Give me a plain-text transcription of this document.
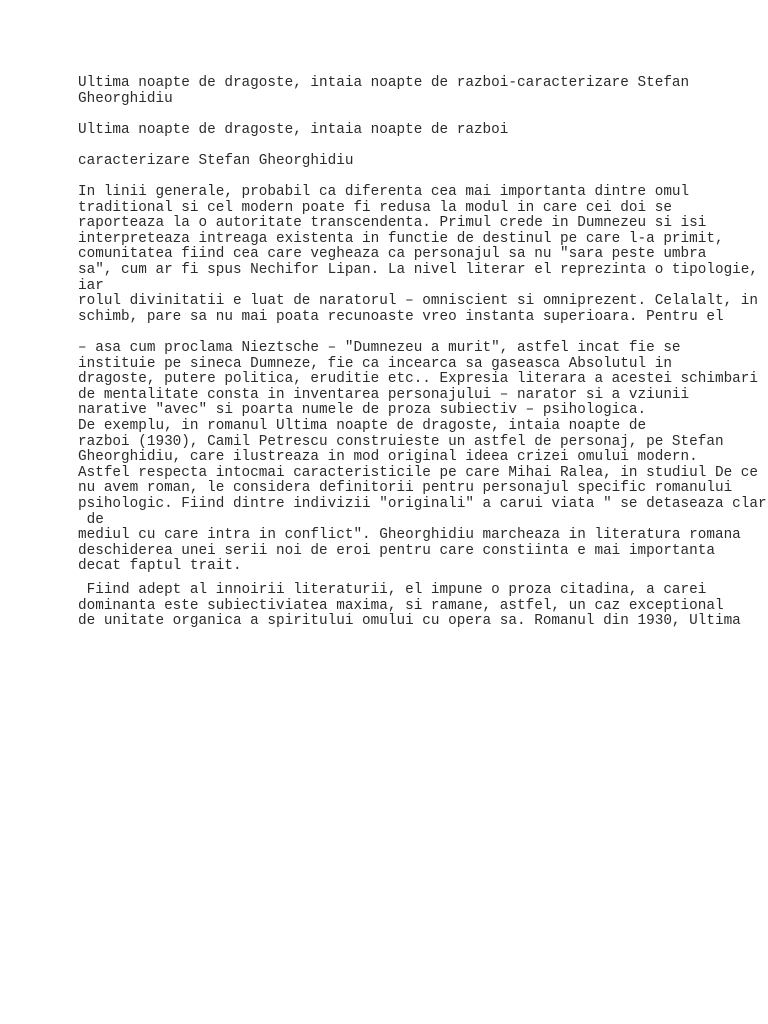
Ultima noapte de dragoste, intaia noapte de razboi-caracterizare Stefan
Gheorghidiu

Ultima noapte de dragoste, intaia noapte de razboi

caracterizare Stefan Gheorghidiu

In linii generale, probabil ca diferenta cea mai importanta dintre omul
traditional si cel modern poate fi redusa la modul in care cei doi se
raporteaza la o autoritate transcendenta. Primul crede in Dumnezeu si isi
interpreteaza intreaga existenta in functie de destinul pe care l-a primit,
comunitatea fiind cea care vegheaza ca personajul sa nu "sara peste umbra
sa", cum ar fi spus Nechifor Lipan. La nivel literar el reprezinta o tipologie,
iar
rolul divinitatii e luat de naratorul – omniscient si omniprezent. Celalalt, in
schimb, pare sa nu mai poata recunoaste vreo instanta superioara. Pentru el

– asa cum proclama Nieztsche – "Dumnezeu a murit", astfel incat fie se
instituie pe sineca Dumneze, fie ca incearca sa gaseasca Absolutul in
dragoste, putere politica, eruditie etc.. Expresia literara a acestei schimbari
de mentalitate consta in inventarea personajului – narator si a vziunii
narative "avec" si poarta numele de proza subiectiv – psihologica.
De exemplu, in romanul Ultima noapte de dragoste, intaia noapte de
razboi (1930), Camil Petrescu construieste un astfel de personaj, pe Stefan
Gheorghidiu, care ilustreaza in mod original ideea crizei omului modern.
Astfel respecta intocmai caracteristicile pe care Mihai Ralea, in studiul De ce
nu avem roman, le considera definitorii pentru personajul specific romanului
psihologic. Fiind dintre indivizii "originali" a carui viata " se detaseaza clar
de
mediul cu care intra in conflict". Gheorghidiu marcheaza in literatura romana
deschiderea unei serii noi de eroi pentru care constiinta e mai importanta
decat faptul trait.

Fiind adept al innoirii literaturii, el impune o proza citadina, a carei
dominanta este subiectiviatea maxima, si ramane, astfel, un caz exceptional
de unitate organica a spiritului omului cu opera sa. Romanul din 1930, Ultima
